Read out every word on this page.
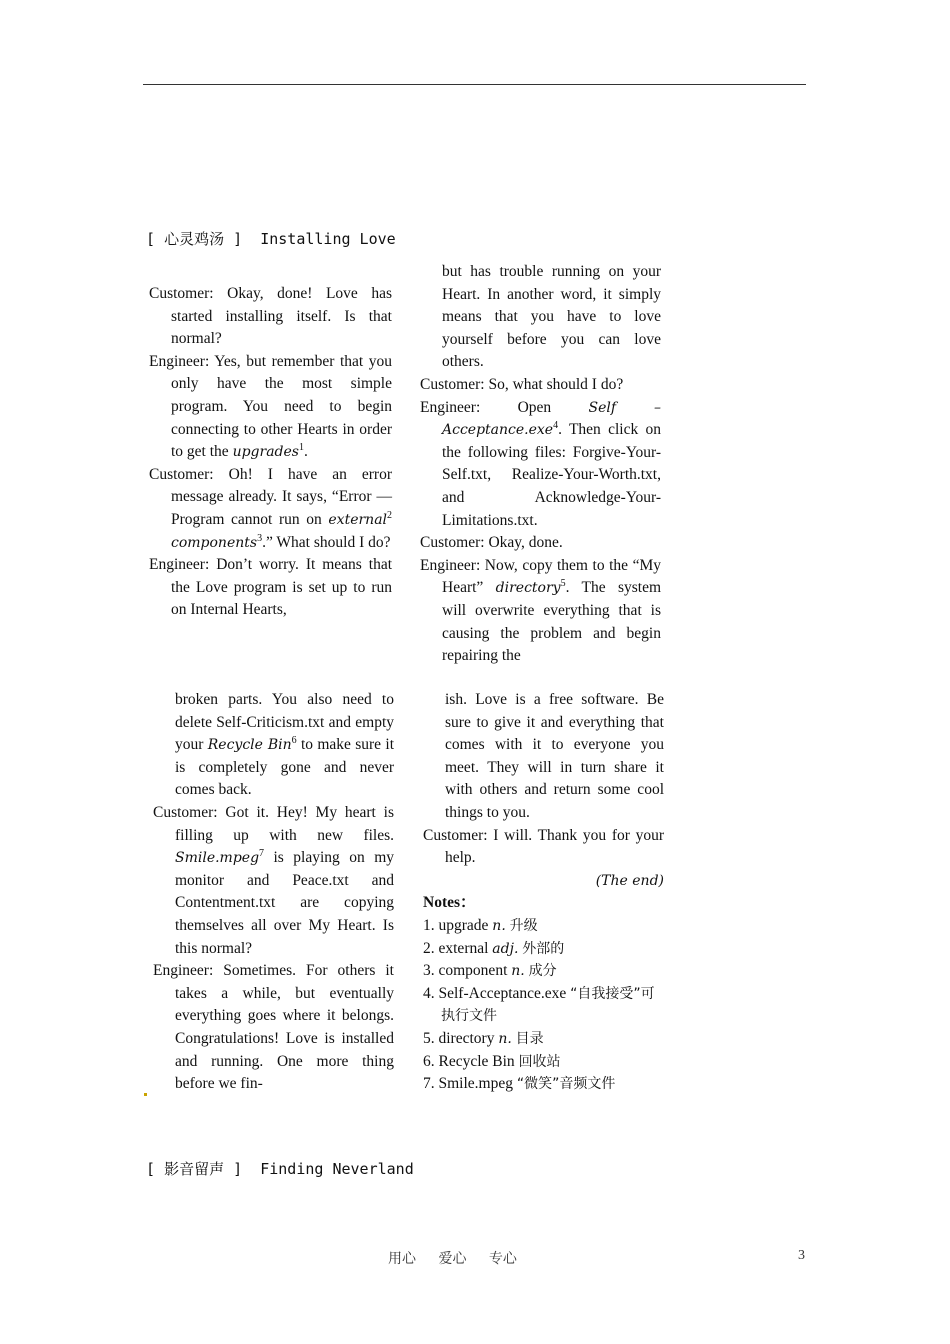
[ 心灵鸡汤 ] Installing Love

Customer: Okay, done! Love has started installing itself. Is that normal?

Engineer: Yes, but remember that you only have the most simple program. You need to begin connecting to other Hearts in order to get the upgrades$^1$.

Customer: Oh! I have an error message already. It says, “Error — Program cannot run on external$^2$ components$^3$.” What should I do?

Engineer: Don’t worry. It means that the Love program is set up to run on Internal Hearts,

but has trouble running on your Heart. In another word, it simply means that you have to love yourself before you can love others.

Customer: So, what should I do?

Engineer: Open	Self –Acceptance.exe$^4$. Then click on the following files: Forgive-Your-Self.txt, Realize-Your-Worth.txt, and Acknowledge-Your-Limitations.txt.

Customer: Okay, done.

Engineer: Now, copy them to the “My Heart” directory$^5$. The system will overwrite everything that is causing the problem and begin repairing the

broken parts. You also need to delete Self-Criticism.txt and empty your Recycle Bin$^6$ to make sure it is completely gone and never comes back.

Customer: Got it. Hey! My heart is filling up with new files. Smile.mpeg$^7$ is playing on my monitor and Peace.txt and Contentment.txt are copying themselves all over My Heart. Is this normal?

Engineer: Sometimes. For others it takes a while, but eventually everything goes where it belongs. Congratulations! Love is installed and running. One more thing before we fin-

ish. Love is a free software. Be sure to give it and everything that comes with it to everyone you meet. They will in turn share it with others and return some cool things to you.

Customer: I will. Thank you for your help.

(The end)

Notes：

1. upgrade n. 升级

2. external adj. 外部的

3. component n. 成分

4. Self-Acceptance.exe “自我接受”可执行文件

5. directory n. 目录

6. Recycle Bin 回收站

7. Smile.mpeg “微笑”音频文件

[ 影音留声 ] Finding Neverland
用心 爱心 专心	3
